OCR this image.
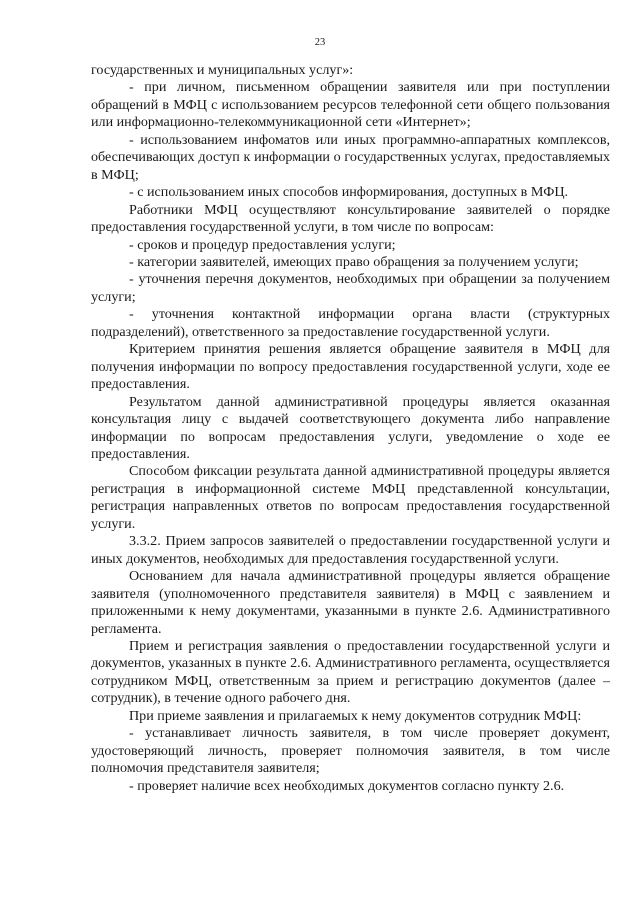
23

государственных и муниципальных услуг»:

- при личном, письменном обращении заявителя или при поступлении обращений в МФЦ с использованием ресурсов телефонной сети общего пользования или информационно-телекоммуникационной сети «Интернет»;

- использованием инфоматов или иных программно-аппаратных комплексов, обеспечивающих доступ к информации о государственных услугах, предоставляемых в МФЦ;

- с использованием иных способов информирования, доступных в МФЦ.

Работники МФЦ осуществляют консультирование заявителей о порядке предоставления государственной услуги, в том числе по вопросам:

- сроков и процедур предоставления услуги;

- категории заявителей, имеющих право обращения за получением услуги;

- уточнения перечня документов, необходимых при обращении за получением услуги;

- уточнения контактной информации органа власти (структурных подразделений), ответственного за предоставление государственной услуги.

Критерием принятия решения является обращение заявителя в МФЦ для получения информации по вопросу предоставления государственной услуги, ходе ее предоставления.

Результатом данной административной процедуры является оказанная консультация лицу с выдачей соответствующего документа либо направление информации по вопросам предоставления услуги, уведомление о ходе ее предоставления.

Способом фиксации результата данной административной процедуры является регистрация в информационной системе МФЦ представленной консультации, регистрация направленных ответов по вопросам предоставления государственной услуги.

3.3.2. Прием запросов заявителей о предоставлении государственной услуги и иных документов, необходимых для предоставления государственной услуги.

Основанием для начала административной процедуры является обращение заявителя (уполномоченного представителя заявителя) в МФЦ с заявлением и приложенными к нему документами, указанными в пункте 2.6. Административного регламента.

Прием и регистрация заявления о предоставлении государственной услуги и документов, указанных в пункте 2.6. Административного регламента, осуществляется сотрудником МФЦ, ответственным за прием и регистрацию документов (далее – сотрудник), в течение одного рабочего дня.

При приеме заявления и прилагаемых к нему документов сотрудник МФЦ:

- устанавливает личность заявителя, в том числе проверяет документ, удостоверяющий личность, проверяет полномочия заявителя, в том числе полномочия представителя заявителя;

- проверяет наличие всех необходимых документов согласно пункту 2.6.
